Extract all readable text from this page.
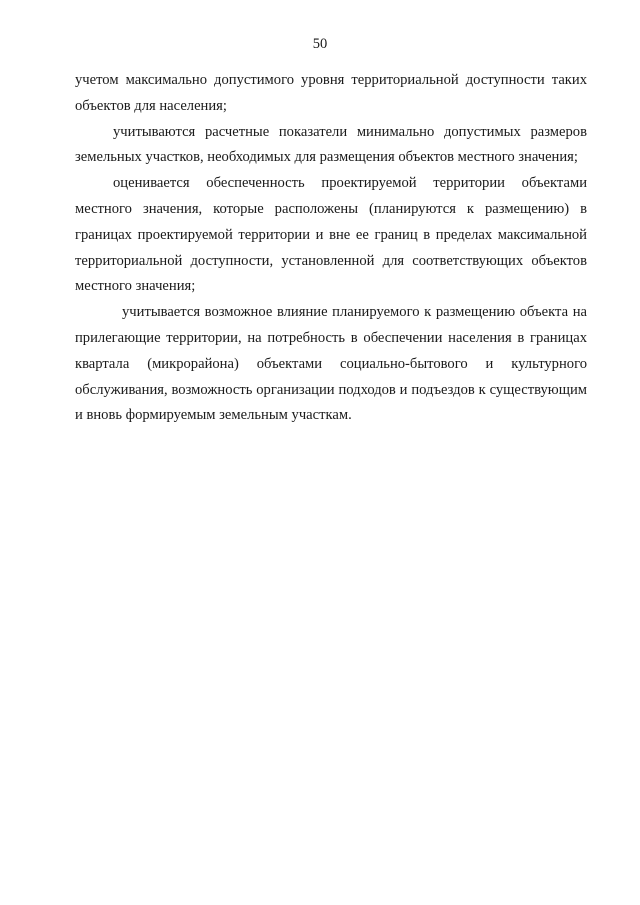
50

учетом максимально допустимого уровня территориальной доступности таких объектов для населения;

учитываются расчетные показатели минимально допустимых размеров земельных участков, необходимых для размещения объектов местного значения;

оценивается обеспеченность проектируемой территории объектами местного значения, которые расположены (планируются к размещению) в границах проектируемой территории и вне ее границ в пределах максимальной территориальной доступности, установленной для соответствующих объектов местного значения;

учитывается возможное влияние планируемого к размещению объекта на прилегающие территории, на потребность в обеспечении населения в границах квартала (микрорайона) объектами социально-бытового и культурного обслуживания, возможность организации подходов и подъездов к существующим и вновь формируемым земельным участкам.
